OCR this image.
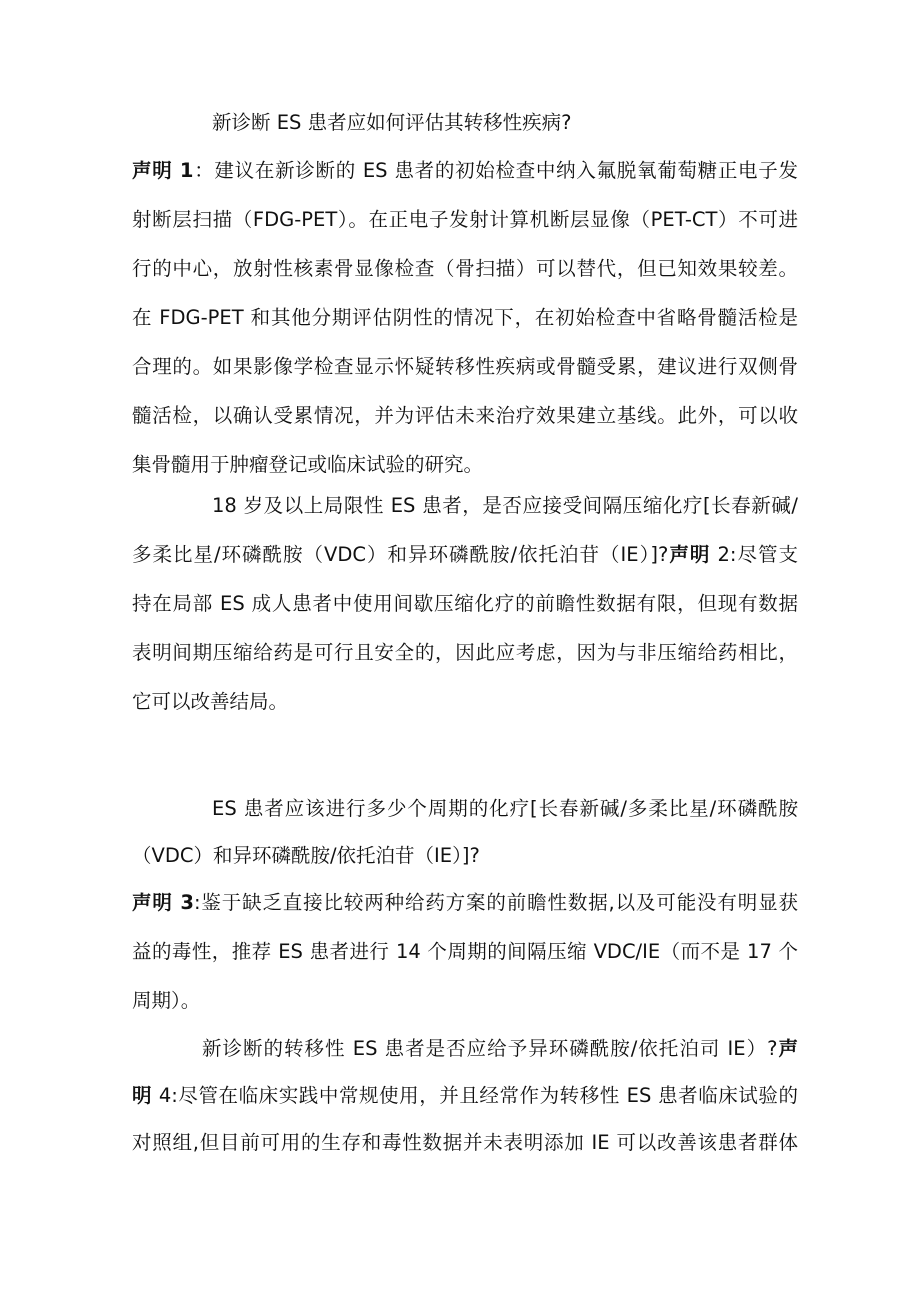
新诊断 ES 患者应如何评估其转移性疾病?
声明 1：建议在新诊断的 ES 患者的初始检查中纳入氟脱氧葡萄糖正电子发
射断层扫描（FDG-PET）。在正电子发射计算机断层显像（PET-CT）不可进
行的中心，放射性核素骨显像检查（骨扫描）可以替代，但已知效果较差。
在 FDG-PET 和其他分期评估阴性的情况下，在初始检查中省略骨髓活检是
合理的。如果影像学检查显示怀疑转移性疾病或骨髓受累，建议进行双侧骨
髓活检，以确认受累情况，并为评估未来治疗效果建立基线。此外，可以收
集骨髓用于肿瘤登记或临床试验的研究。
18 岁及以上局限性 ES 患者，是否应接受间隔压缩化疗[长春新碱/
多柔比星/环磷酰胺（VDC）和异环磷酰胺/依托泊苷（IE）]?声明 2:尽管支
持在局部 ES 成人患者中使用间歇压缩化疗的前瞻性数据有限，但现有数据
表明间期压缩给药是可行且安全的，因此应考虑，因为与非压缩给药相比，
它可以改善结局。
ES 患者应该进行多少个周期的化疗[长春新碱/多柔比星/环磷酰胺
（VDC）和异环磷酰胺/依托泊苷（IE）]?
声明 3:鉴于缺乏直接比较两种给药方案的前瞻性数据,以及可能没有明显获
益的毒性，推荐 ES 患者进行 14 个周期的间隔压缩 VDC/IE（而不是 17 个
周期）。
新诊断的转移性 ES 患者是否应给予异环磷酰胺/依托泊司 IE）?声
明 4:尽管在临床实践中常规使用，并且经常作为转移性 ES 患者临床试验的
对照组,但目前可用的生存和毒性数据并未表明添加 IE 可以改善该患者群体
